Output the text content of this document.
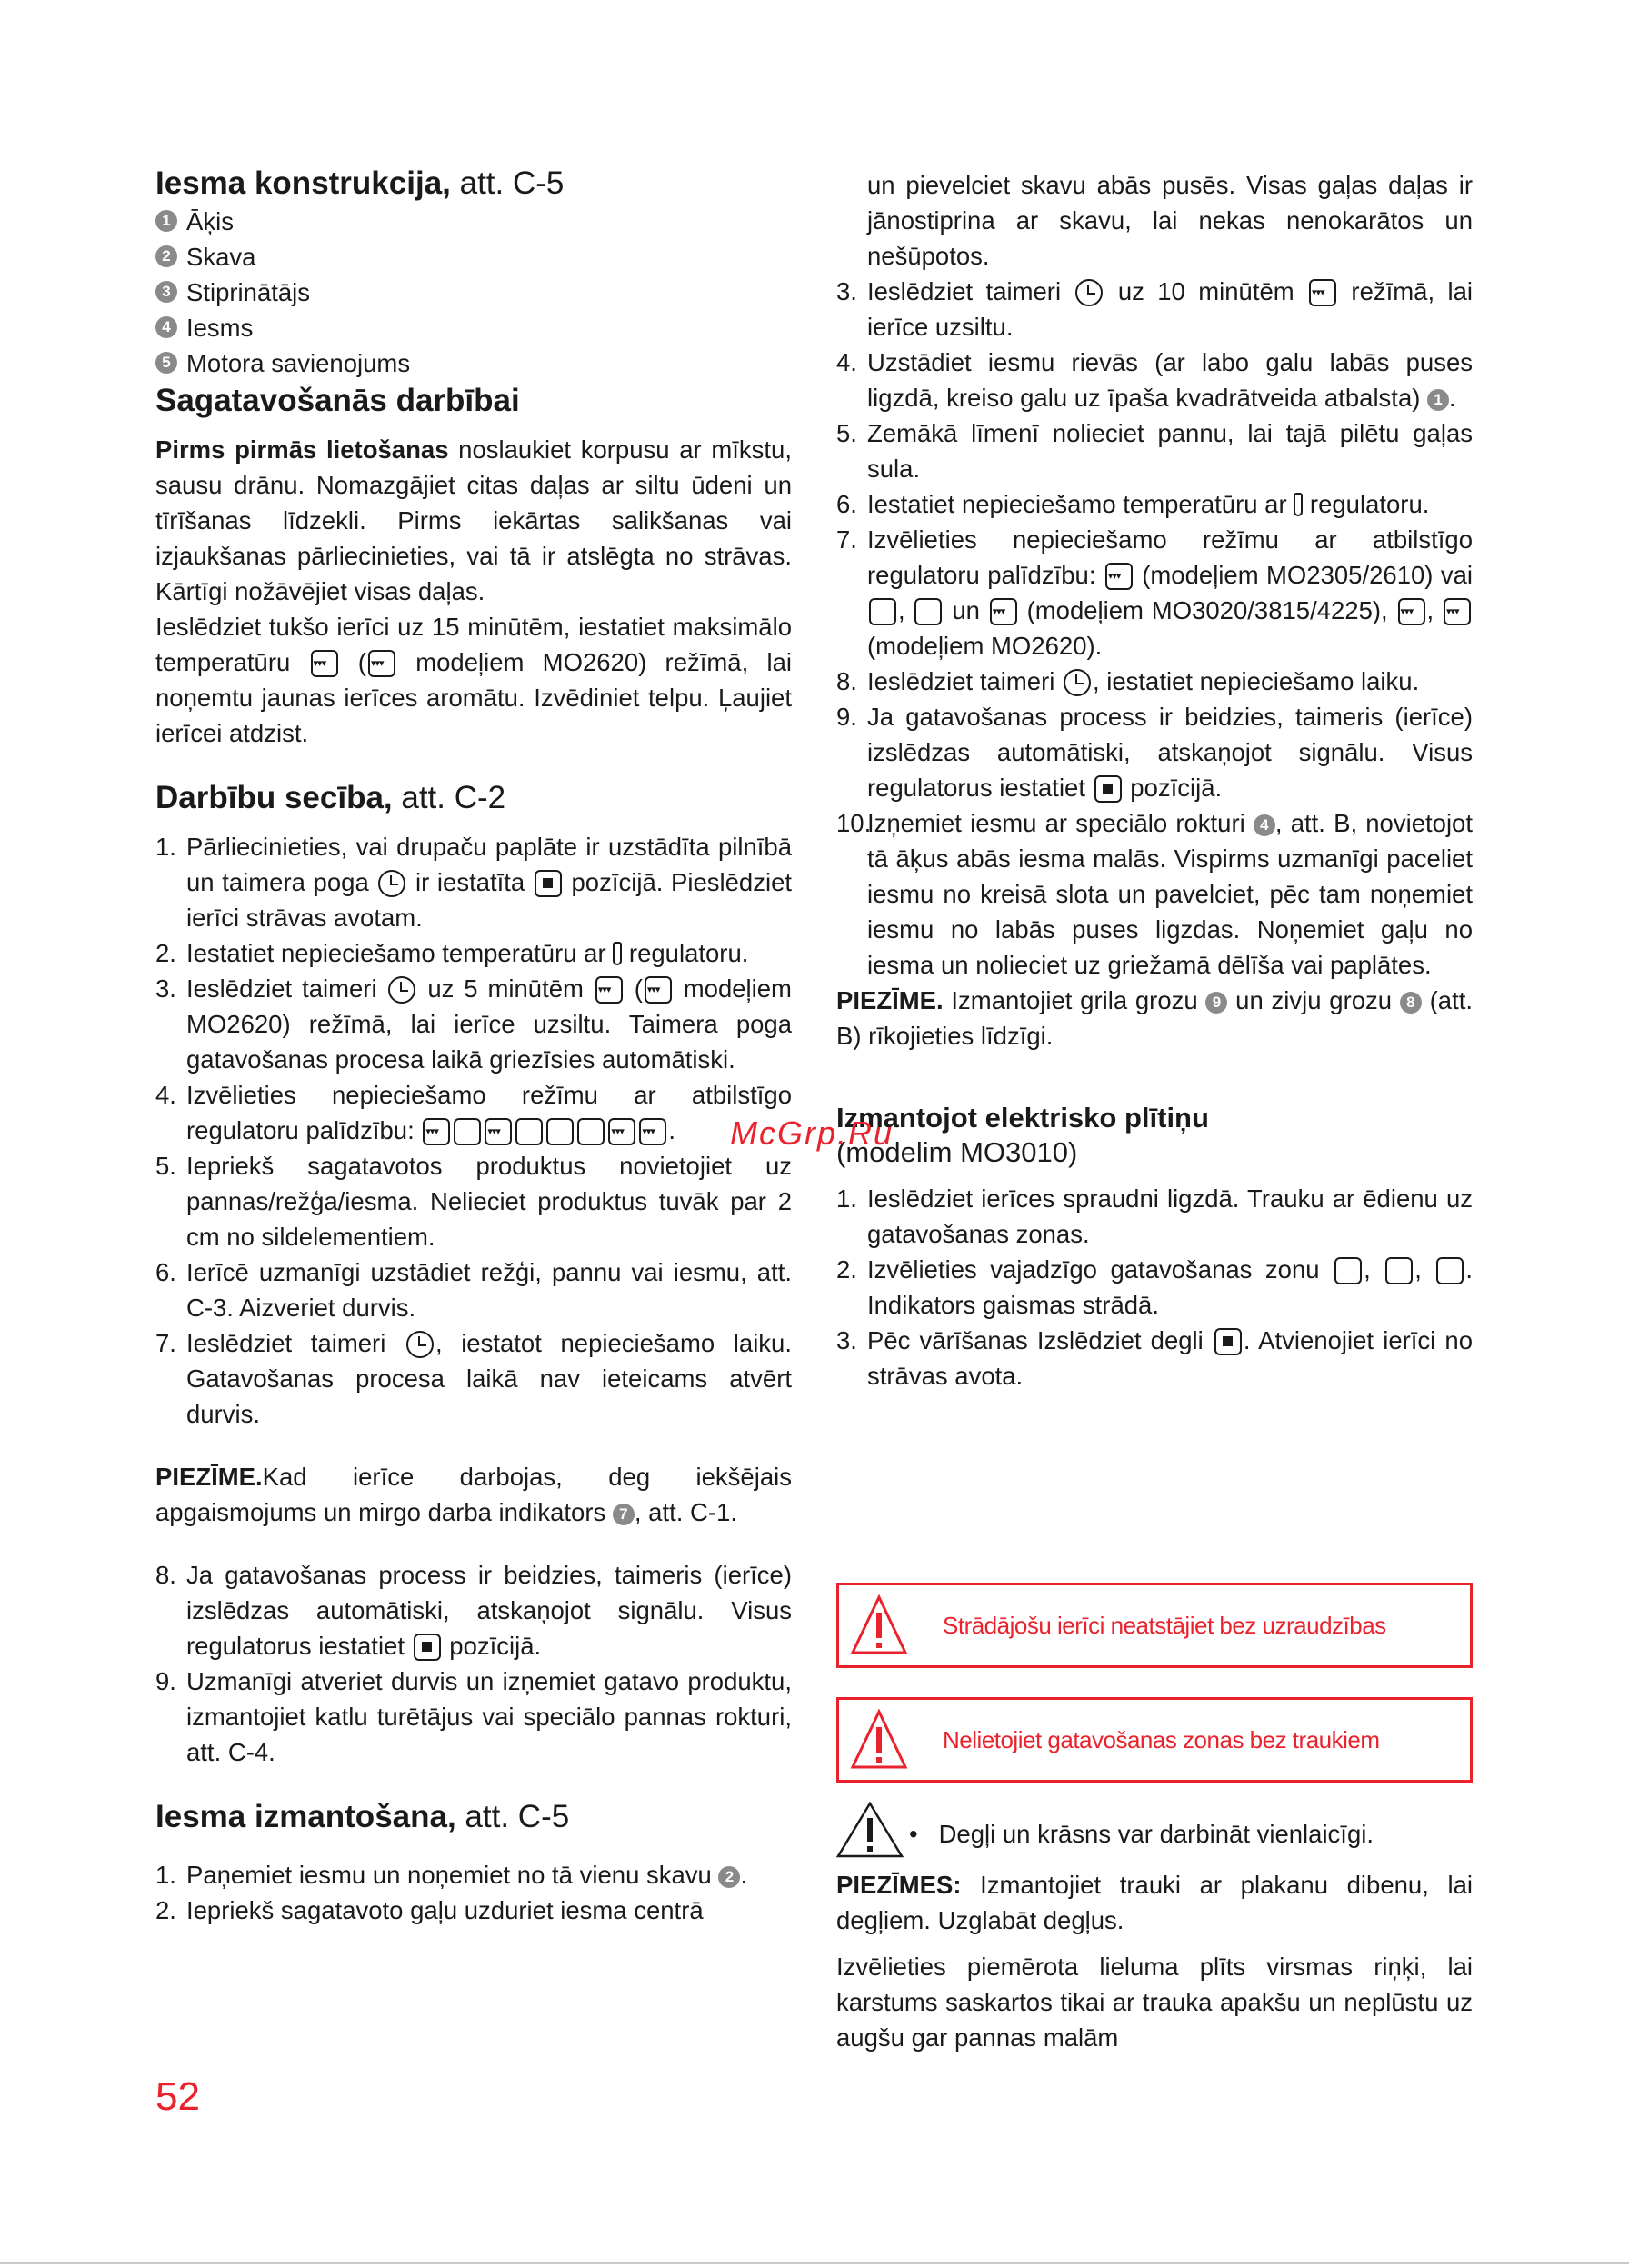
Iesma konstrukcija, att. C-5
1 Āķis
2 Skava
3 Stiprinātājs
4 Iesms
5 Motora savienojums
Sagatavošanās darbībai

Pirms pirmās lietošanas noslaukiet korpusu ar mīkstu, sausu drānu. Nomazgājiet citas daļas ar siltu ūdeni un tīrīšanas līdzekli. Pirms iekārtas salikšanas vai izjaukšanas pārliecinieties, vai tā ir atslēgta no strāvas. Kārtīgi nožāvējiet visas daļas.

Ieslēdziet tukšo ierīci uz 15 minūtēm, iestatiet maksimālo temperatūru ▾▾▾ (▾▾▾ modeļiem MO2620) režīmā, lai noņemtu jaunas ierīces aromātu. Izvēdiniet telpu. Ļaujiet ierīcei atdzist.

Darbību secība, att. C-2
1. Pārliecinieties, vai drupaču paplāte ir uzstādīta pilnībā un taimera poga  ir iestatīta  pozīcijā. Pieslēdziet ierīci strāvas avotam.
2. Iestatiet nepieciešamo temperatūru ar  regulatoru.
3. Ieslēdziet taimeri  uz 5 minūtēm ▾▾▾ (▾▾▾ modeļiem MO2620) režīmā, lai ierīce uzsiltu. Taimera poga gatavošanas procesa laikā griezīsies automātiski.
4. Izvēlieties nepieciešamo režīmu ar atbilstīgo regulatoru palīdzību: ▾▾▾ ▾▾▾ ▾▾▾ ▾▾▾	.
5. Iepriekš sagatavotos produktus novietojiet uz pannas/režģa/iesma. Nelieciet produktus tuvāk par 2 cm no sildelementiem.
6. Ierīcē uzmanīgi uzstādiet režģi, pannu vai iesmu, att. C-3. Aizveriet durvis.
7. Ieslēdziet taimeri , iestatot nepieciešamo laiku. Gatavošanas procesa laikā nav ieteicams atvērt durvis.

PIEZĪME.Kad ierīce darbojas, deg iekšējais apgaismojums un mirgo darba indikators 7 , att. C-1.

8. Ja gatavošanas process ir beidzies, taimeris (ierīce) izslēdzas automātiski, atskaņojot signālu. Visus regulatorus iestatiet  pozīcijā.
9. Uzmanīgi atveriet durvis un izņemiet gatavo produktu, izmantojiet katlu turētājus vai speciālo pannas rokturi, att. C-4.
Iesma izmantošana, att. C-5
1. Paņemiet iesmu un noņemiet no tā vienu skavu 2 .
2. Iepriekš sagatavoto gaļu uzduriet iesma centrā
un pievelciet skavu abās pusēs. Visas gaļas daļas ir jānostiprina ar skavu, lai nekas nenokarātos un nešūpotos.
3. Ieslēdziet taimeri  uz 10 minūtēm ▾▾▾ režīmā, lai ierīce uzsiltu.
4. Uzstādiet iesmu rievās (ar labo galu labās puses ligzdā, kreiso galu uz īpaša kvadrātveida atbalsta) 1 .
5. Zemākā līmenī nolieciet pannu, lai tajā pilētu gaļas sula.
6. Iestatiet nepieciešamo temperatūru ar  regulatoru.
7. Izvēlieties nepieciešamo režīmu ar atbilstīgo regulatoru palīdzību: ▾▾▾ (modeļiem MO2305/2610) vai ,  un ▾▾▾ (modeļiem MO3020/3815/4225), ▾▾▾, ▾▾▾ (modeļiem MO2620).
8. Ieslēdziet taimeri , iestatiet nepieciešamo laiku.
9. Ja gatavošanas process ir beidzies, taimeris (ierīce) izslēdzas automātiski, atskaņojot signālu. Visus regulatorus iestatiet  pozīcijā.
10.
Izņemiet iesmu ar speciālo rokturi 4 , att. B, novietojot tā āķus abās iesma malās. Vispirms uzmanīgi paceliet iesmu no kreisā slota un pavelciet, pēc tam noņemiet iesmu no labās puses ligzdas. Noņemiet gaļu no iesma un nolieciet uz griežamā dēlīša vai paplātes.

PIEZĪME. Izmantojiet grila grozu 9 un zivju grozu 8 (att. B) rīkojieties līdzīgi.

Izmantojot elektrisko plītiņu
(modelim MO3010)
1. Ieslēdziet ierīces spraudni ligzdā. Trauku ar ēdienu uz gatavošanas zonas.
2. Izvēlieties vajadzīgo gatavošanas zonu , , . Indikators gaismas strādā.
3. Pēc vārīšanas Izslēdziet degli . Atvienojiet ierīci no strāvas avota.
Strādājošu ierīci neatstājiet bez uzraudzības
Nelietojiet gatavošanas zonas bez traukiem
• Degļi un krāsns var darbināt vienlaicīgi.

PIEZĪMES: Izmantojiet trauki ar plakanu dibenu, lai degļiem. Uzglabāt degļus.

Izvēlieties piemērota lieluma plīts virsmas riņķi, lai karstums saskartos tikai ar trauka apakšu un neplūstu uz augšu gar pannas malām

McGrp.Ru
52
